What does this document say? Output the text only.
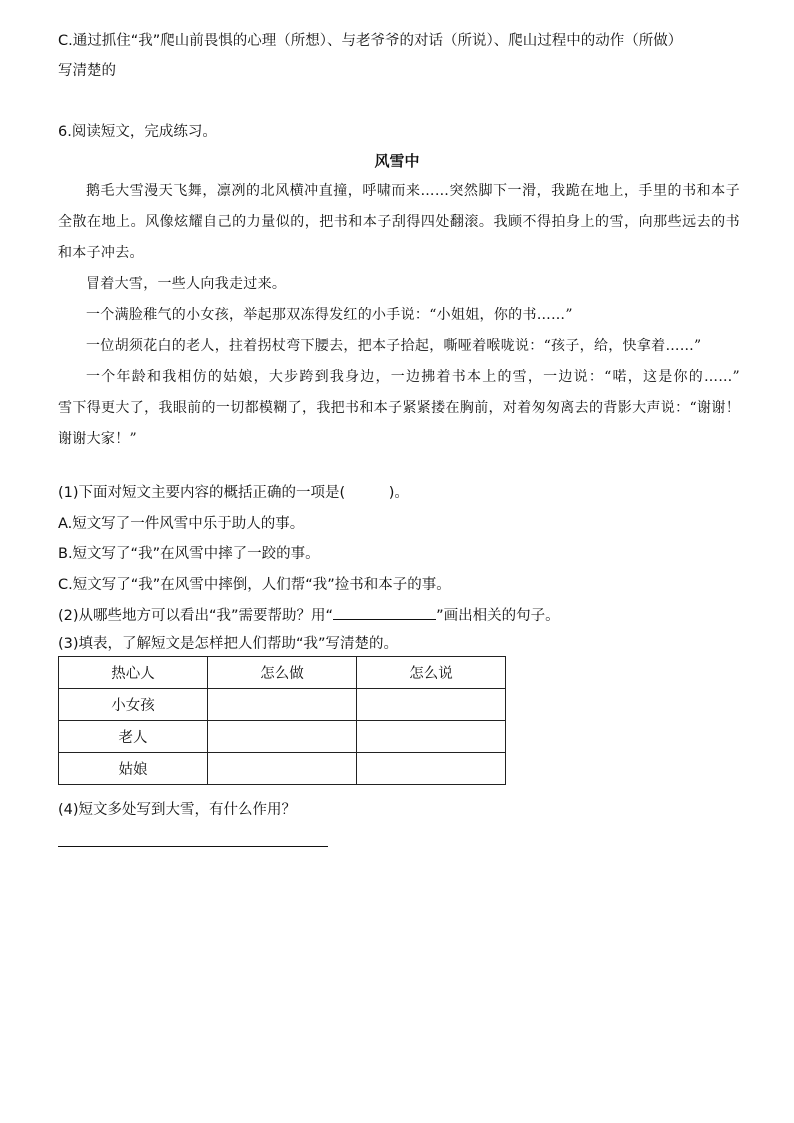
C.通过抓住“我”爬山前畏惧的心理（所想）、与老爷爷的对话（所说）、爬山过程中的动作（所做）
写清楚的
6.阅读短文，完成练习。
风雪中

鹅毛大雪漫天飞舞，凛冽的北风横冲直撞，呼啸而来……突然脚下一滑，我跪在地上，手里的书和本子全散在地上。风像炫耀自己的力量似的，把书和本子刮得四处翻滚。我顾不得拍身上的雪，向那些远去的书和本子冲去。

冒着大雪，一些人向我走过来。

一个满脸稚气的小女孩，举起那双冻得发红的小手说：“小姐姐，你的书……”

一位胡须花白的老人，拄着拐杖弯下腰去，把本子拾起，嘶哑着喉咙说：“孩子，给，快拿着……”

一个年龄和我相仿的姑娘，大步跨到我身边，一边拂着书本上的雪，一边说：“喏，这是你的……”　　雪下得更大了，我眼前的一切都模糊了，我把书和本子紧紧搂在胸前，对着匆匆离去的背影大声说：“谢谢！谢谢大家！”

(1)下面对短文主要内容的概括正确的一项是(　　　)。
A.短文写了一件风雪中乐于助人的事。
B.短文写了“我”在风雪中摔了一跤的事。
C.短文写了“我”在风雪中摔倒，人们帮“我”捡书和本子的事。
(2)从哪些地方可以看出“我”需要帮助？用“	”画出相关的句子。
(3)填表，了解短文是怎样把人们帮助“我”写清楚的。
热心人	怎么做	怎么说
小女孩		
老人		
姑娘		
(4)短文多处写到大雪，有什么作用？
